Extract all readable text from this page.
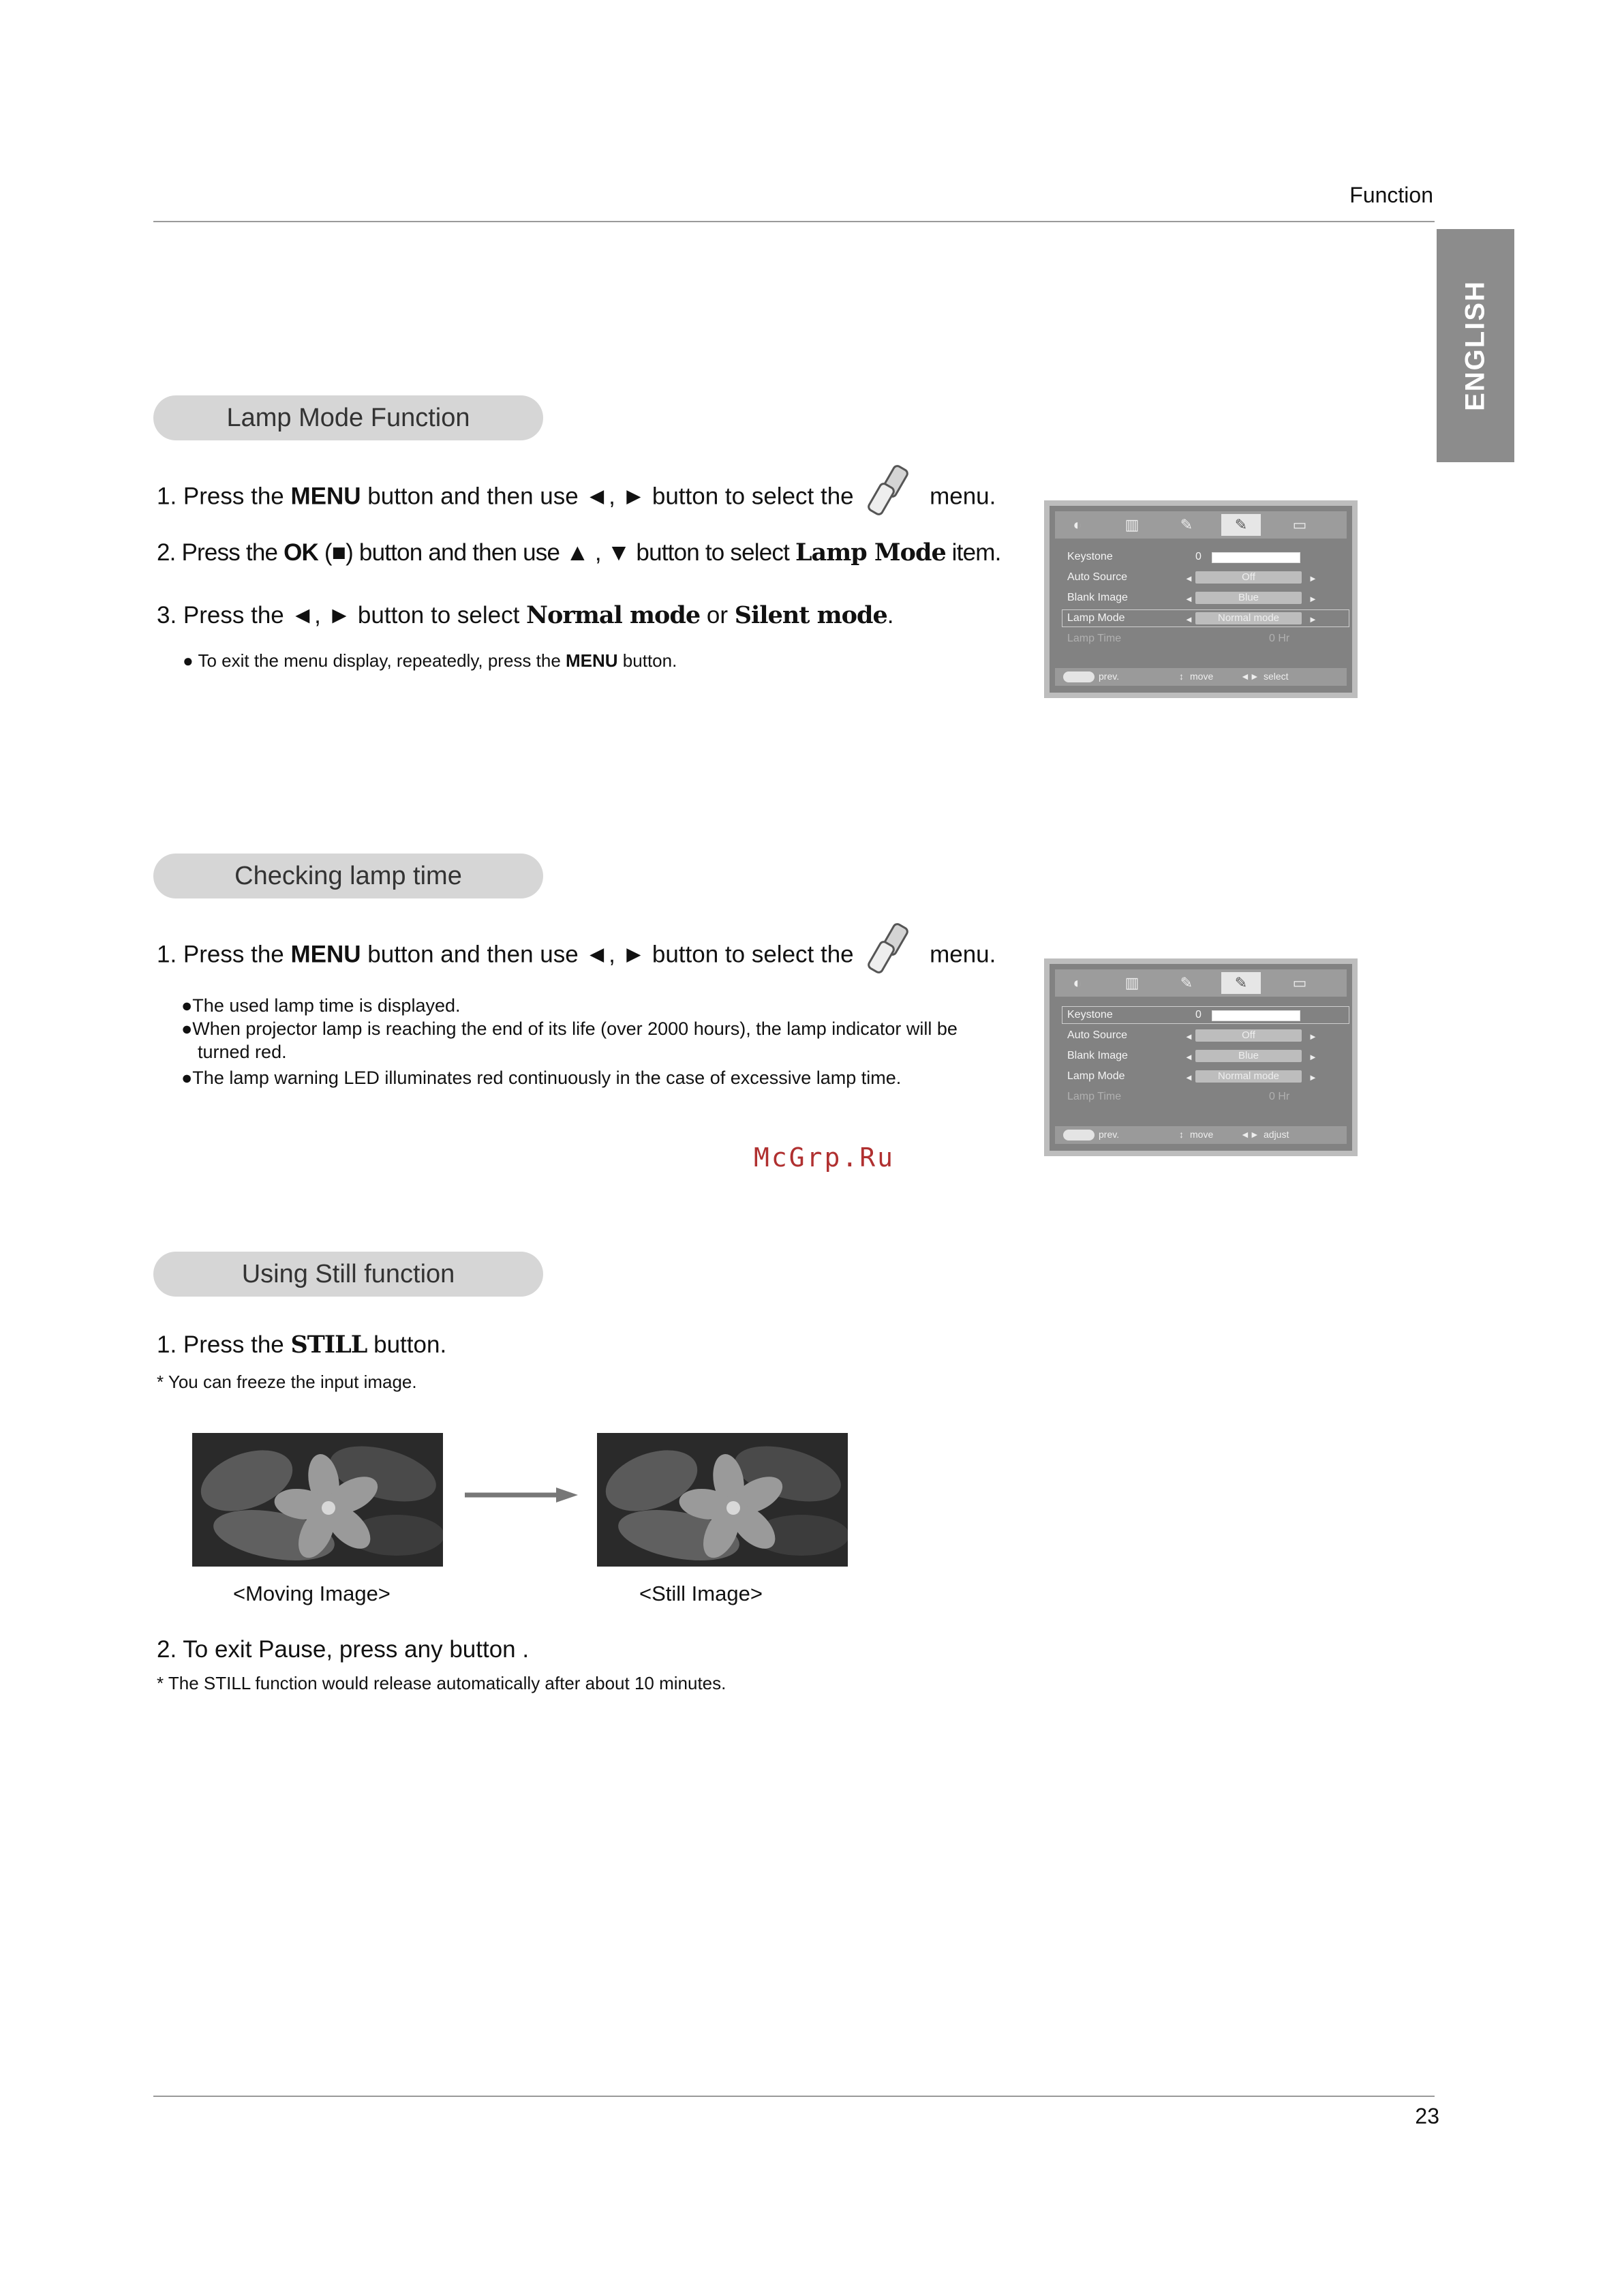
Function
ENGLISH
Lamp Mode Function
1. Press the MENU button and then use ◄, ► button to select the	menu.
2. Press the OK (■) button and then use ▲ , ▼ button to select Lamp Mode item.
3. Press the ◄, ► button to select Normal mode or Silent mode.
● To exit the menu display, repeatedly, press the MENU button.
◐	▥	✎	✎	▭
Keystone	0
Auto Source	◄	Off	►
Blank Image	◄	Blue	►
Lamp Mode	◄	Normal mode	►
Lamp Time	0 Hr
prev.	↕ move	◄► select
Checking lamp time
1. Press the MENU button and then use ◄, ► button to select the	menu.
●The used lamp time is displayed.
●When projector lamp is reaching the end of its life (over 2000 hours), the lamp indicator will be turned red.
●The lamp warning LED illuminates red continuously in the case of excessive lamp time.
◐	▥	✎	✎	▭
Keystone	0
Auto Source	◄	Off	►
Blank Image	◄	Blue	►
Lamp Mode	◄	Normal mode	►
Lamp Time	0 Hr
prev.	↕ move	◄► adjust
McGrp.Ru
Using Still function
1. Press the STILL button.
* You can freeze the input image.
<Moving Image>	<Still Image>
2. To exit Pause, press any button .
* The STILL function would release automatically after about 10 minutes.
23
